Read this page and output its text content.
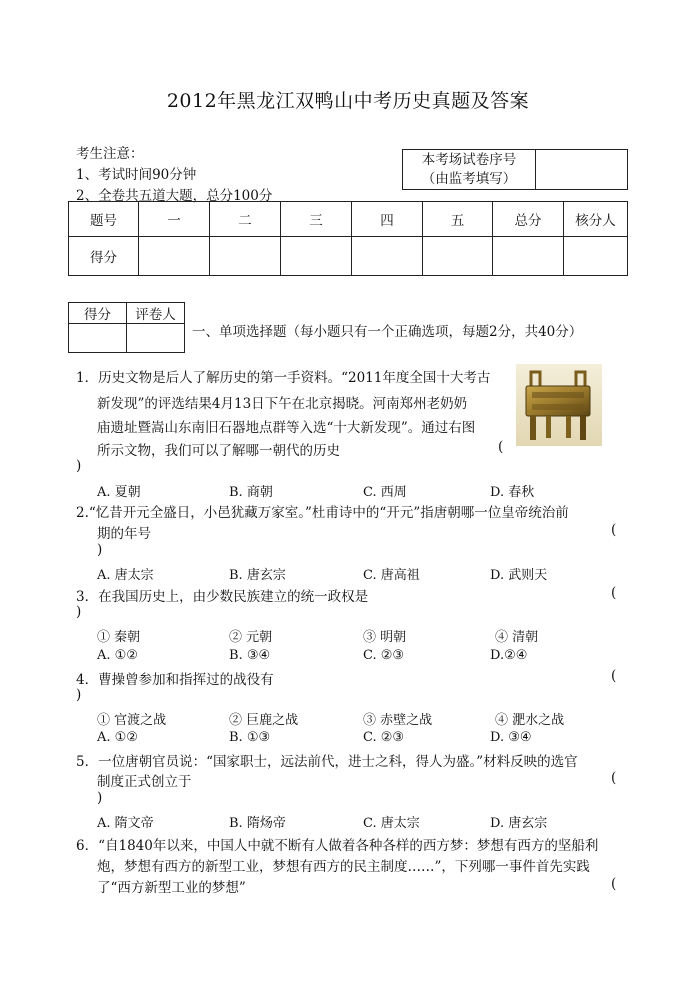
2012年黑龙江双鸭山中考历史真题及答案
考生注意：
1、考试时间90分钟
2、全卷共五道大题，总分100分
本考场试卷序号
（由监考填写）

题号	一	二	三	四	五	总分	核分人
得分							
得分	评卷人

一、单项选择题（每小题只有一个正确选项，每题2分，共40分）
1．历史文物是后人了解历史的第一手资料。“2011年度全国十大考古
新发现”的评选结果4月13日下午在北京揭晓。河南郑州老奶奶
庙遗址暨嵩山东南旧石器地点群等入选“十大新发现”。通过右图
所示文物，我们可以了解哪一朝代的历史	(
)
A. 夏朝	B. 商朝	C. 西周	D. 春秋
2.“忆昔开元全盛日，小邑犹藏万家室。”杜甫诗中的“开元”指唐朝哪一位皇帝统治前
期的年号	(
)
A. 唐太宗	B. 唐玄宗	C. 唐高祖	D. 武则天
3．在我国历史上，由少数民族建立的统一政权是	(
)
① 秦朝	② 元朝	③ 明朝	④ 清朝
A. ①②	B. ③④	C. ②③	D.②④
4．曹操曾参加和指挥过的战役有	(
)
① 官渡之战	② 巨鹿之战	③ 赤壁之战	④ 淝水之战
A. ①②	B. ①③	C. ②③	D. ③④
5．一位唐朝官员说：“国家职士，远法前代，进士之科，得人为盛。”材料反映的选官
制度正式创立于	(
)
A. 隋文帝	B. 隋炀帝	C. 唐太宗	D. 唐玄宗
6．“自1840年以来，中国人中就不断有人做着各种各样的西方梦：梦想有西方的坚船利
炮，梦想有西方的新型工业，梦想有西方的民主制度……”，下列哪一事件首先实践
了“西方新型工业的梦想”	(
